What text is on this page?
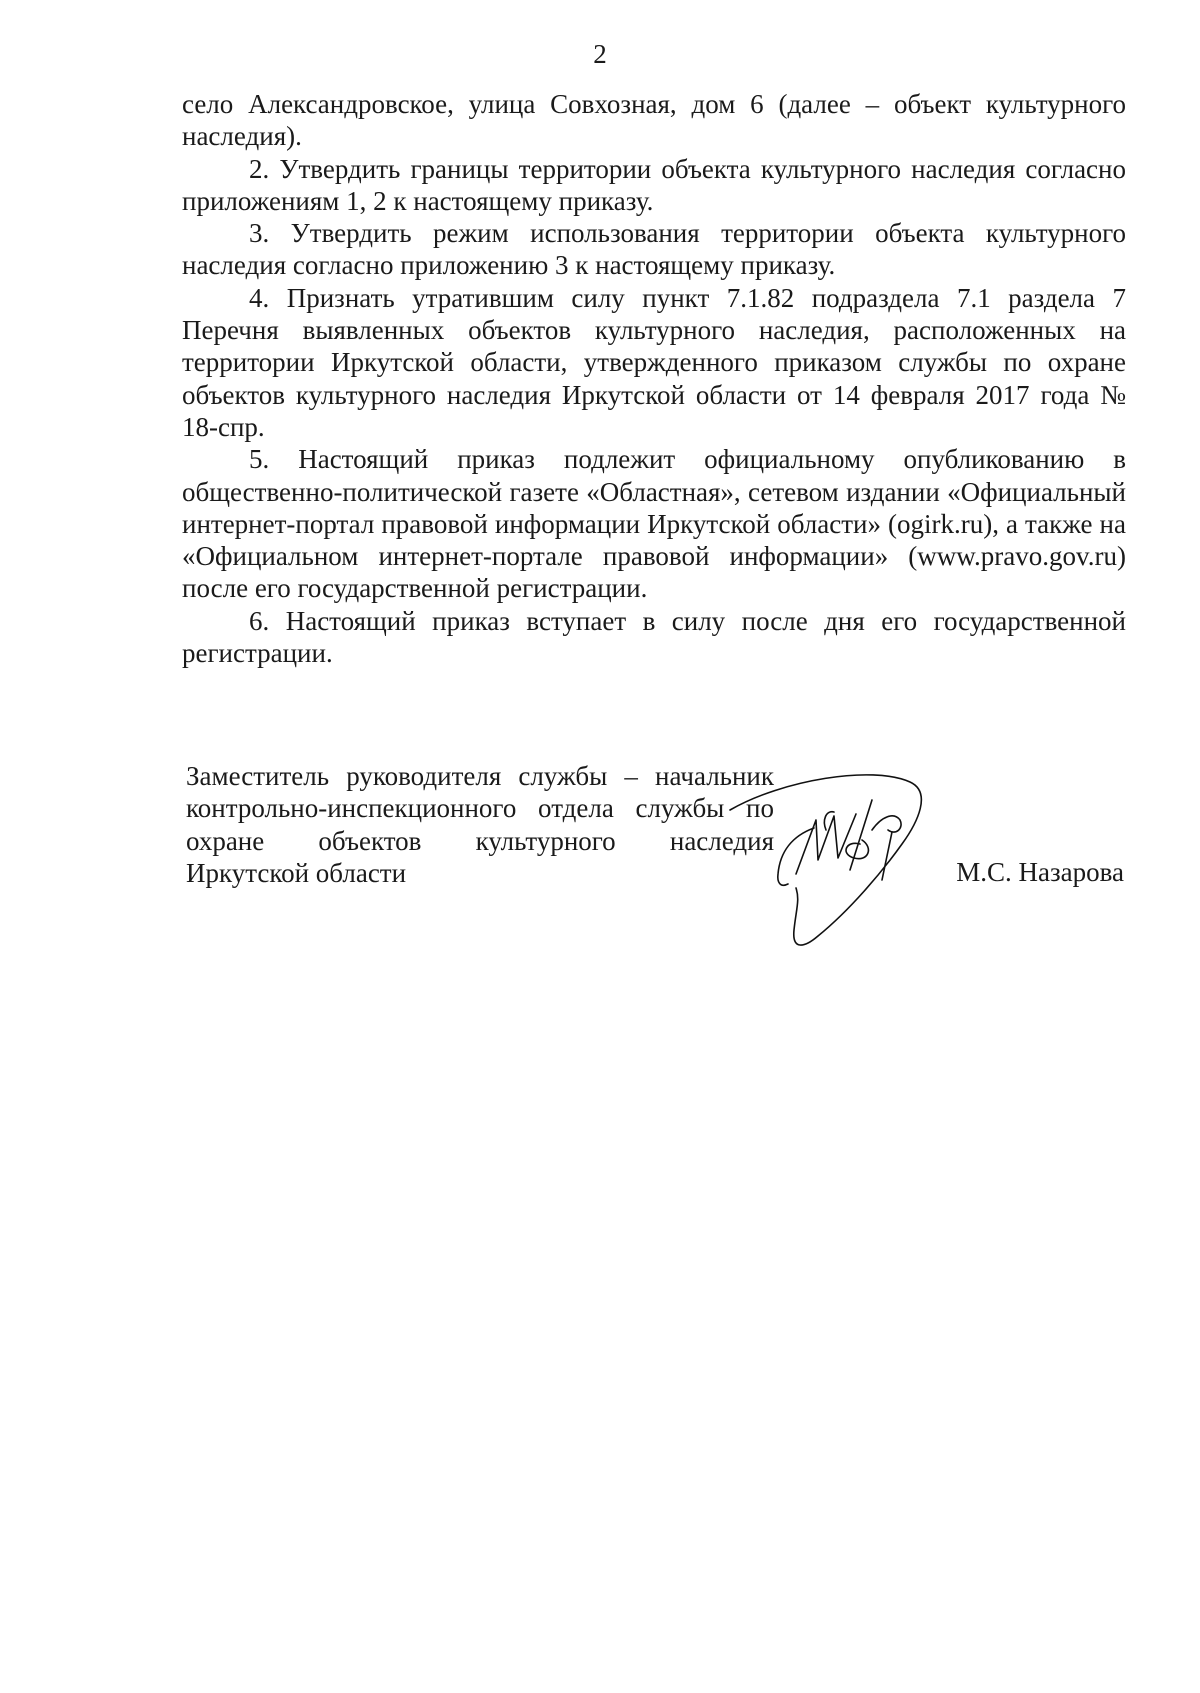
2

село Александровское, улица Совхозная, дом 6 (далее – объект культурного наследия).

2. Утвердить границы территории объекта культурного наследия согласно приложениям 1, 2 к настоящему приказу.

3. Утвердить режим использования территории объекта культурного наследия согласно приложению 3 к настоящему приказу.

4. Признать утратившим силу пункт 7.1.82 подраздела 7.1 раздела 7 Перечня выявленных объектов культурного наследия, расположенных на территории Иркутской области, утвержденного приказом службы по охране объектов культурного наследия Иркутской области от 14 февраля 2017 года № 18-спр.

5. Настоящий приказ подлежит официальному опубликованию в общественно-политической газете «Областная», сетевом издании «Официальный интернет-портал правовой информации Иркутской области» (ogirk.ru), а также на «Официальном интернет-портале правовой информации» (www.pravo.gov.ru) после его государственной регистрации.

6. Настоящий приказ вступает в силу после дня его государственной регистрации.

Заместитель руководителя службы – начальник
контрольно-инспекционного отдела службы по
охране объектов культурного наследия
Иркутской области	М.С. Назарова
